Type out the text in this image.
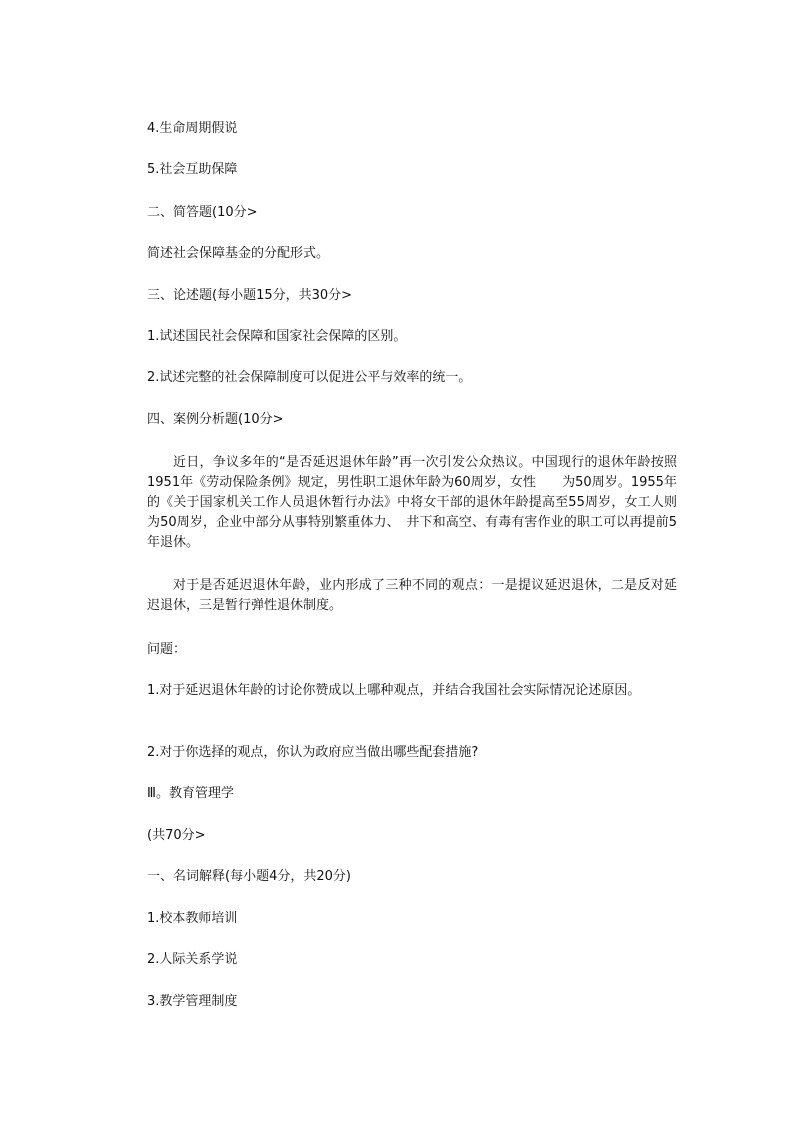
4.生命周期假说

5.社会互助保障

二、简答题(10分>

简述社会保障基金的分配形式。

三、论述题(每小题15分，共30分>

1.试述国民社会保障和国家社会保障的区别。

2.试述完整的社会保障制度可以促进公平与效率的统一。

四、案例分析题(10分>

近日，争议多年的“是否延迟退休年龄”再一次引发公众热议。中国现行的退休年龄按照1951年《劳动保险条例》规定，男性职工退休年龄为60周岁，女性　　为50周岁。1955年的《关于国家机关工作人员退休暂行办法》中将女干部的退休年龄提高至55周岁，女工人则为50周岁，企业中部分从事特别繁重体力、　井下和高空、有毒有害作业的职工可以再提前5年退休。

对于是否延迟退休年龄，业内形成了三种不同的观点：一是提议延迟退休，二是反对延迟退休，三是暂行弹性退休制度。

问题：

1.对于延迟退休年龄的讨论你赞成以上哪种观点，并结合我国社会实际情况论述原因。

2.对于你选择的观点，你认为政府应当做出哪些配套措施?

Ⅲ。教育管理学

(共70分>

一、名词解释(每小题4分，共20分)

1.校本教师培训

2.人际关系学说

3.教学管理制度
